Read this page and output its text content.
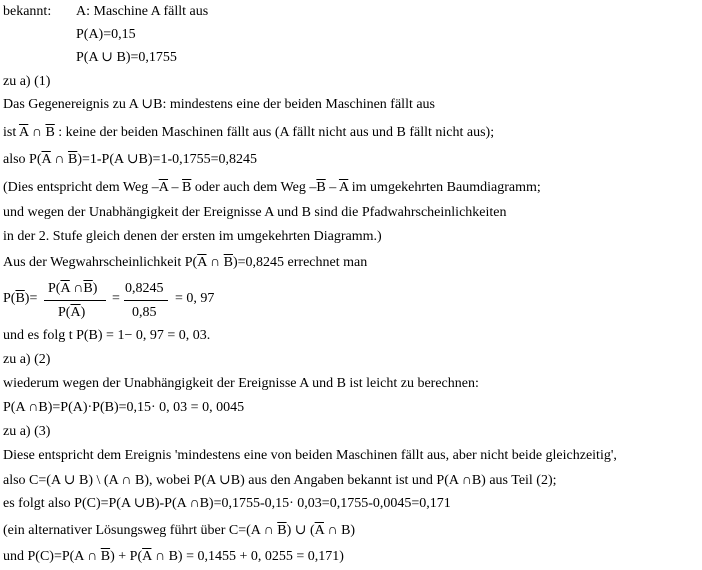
bekannt: A: Maschine A fällt aus
P(A)=0,15
P(A ∪ B)=0,1755
zu a) (1)
Das Gegenereignis zu A ∪B: mindestens eine der beiden Maschinen fällt aus
ist $\overline{A}$ ∩ $\overline{B}$ : keine der beiden Maschinen fällt aus (A fällt nicht aus und B fällt nicht aus);
also $P(\overline{A}$ ∩ $\overline{B})=1-P(A$ ∪B)=1-0,1755=0,8245
(Dies entspricht dem Weg $-\overline{A} - \overline{B}$ oder auch dem Weg $-\overline{B} - \overline{A}$ im umgekehrten Baumdiagramm;
und wegen der Unabhängigkeit der Ereignisse A und B sind die Pfadwahrscheinlichkeiten
in der 2. Stufe gleich denen der ersten im umgekehrten Diagramm.)
Aus der Wegwahrscheinlichkeit $P(\overline{A}$ ∩ $\overline{B})=0,8245$ errechnet man
$P(\overline{B})=$
$P(\overline{A}$ $\cap\overline{B}$)
$P(\overline{A})$
=
0,8245
0,85
= 0, 97
und es folg t P(B) = 1− 0, 97 = 0, 03.
zu a) (2)
wiederum wegen der Unabhängigkeit der Ereignisse A und B ist leicht zu berechnen:
P(A ∩B)=P(A)·P(B)=0,15· 0, 03 = 0, 0045
zu a) (3)
Diese entspricht dem Ereignis 'mindestens eine von beiden Maschinen fällt aus, aber nicht beide gleichzeitig',
also C=(A ∪ B) \ (A ∩ B), wobei P(A ∪B) aus den Angaben bekannt ist und P(A ∩B) aus Teil (2);
es folgt also P(C)=P(A ∪B)-P(A ∩B)=0,1755-0,15· 0,03=0,1755-0,0045=0,171
(ein alternativer Lösungsweg führt über C=(A ∩ $\overline{B}$) ∪ ($\overline{A}$ ∩ B)
und P(C)=P(A ∩ $\overline{B}) + P(\overline{A}$ ∩ B) = 0,1455 + 0, 0255 = 0,171)
